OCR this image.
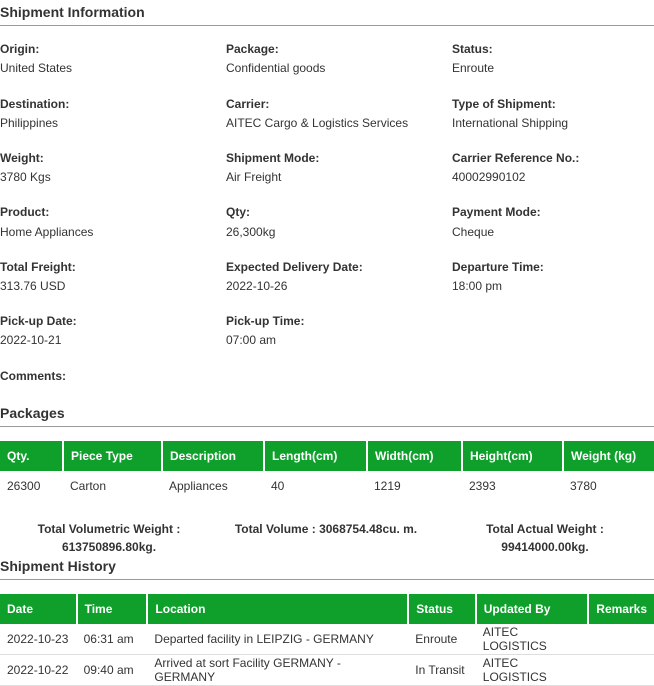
Shipment Information
Origin:
United States
Package:
Confidential goods
Status:
Enroute
Destination:
Philippines
Carrier:
AITEC Cargo & Logistics Services
Type of Shipment:
International Shipping
Weight:
3780 Kgs
Shipment Mode:
Air Freight
Carrier Reference No.:
40002990102
Product:
Home Appliances
Qty:
26,300kg
Payment Mode:
Cheque
Total Freight:
313.76 USD
Expected Delivery Date:
2022-10-26
Departure Time:
18:00 pm
Pick-up Date:
2022-10-21
Pick-up Time:
07:00 am
Comments:
Packages
Qty.	Piece Type	Description	Length(cm)	Width(cm)	Height(cm)	Weight (kg)
26300	Carton	Appliances	40	1219	2393	3780
Total Volumetric Weight :
613750896.80kg.
Total Volume : 3068754.48cu. m.	Total Actual Weight :
99414000.00kg.
Shipment History
Date	Time	Location	Status	Updated By	Remarks
2022-10-23	06:31 am	Departed facility in LEIPZIG - GERMANY	Enroute	AITEC LOGISTICS	
2022-10-22	09:40 am	Arrived at sort Facility GERMANY - GERMANY	In Transit	AITEC LOGISTICS	
